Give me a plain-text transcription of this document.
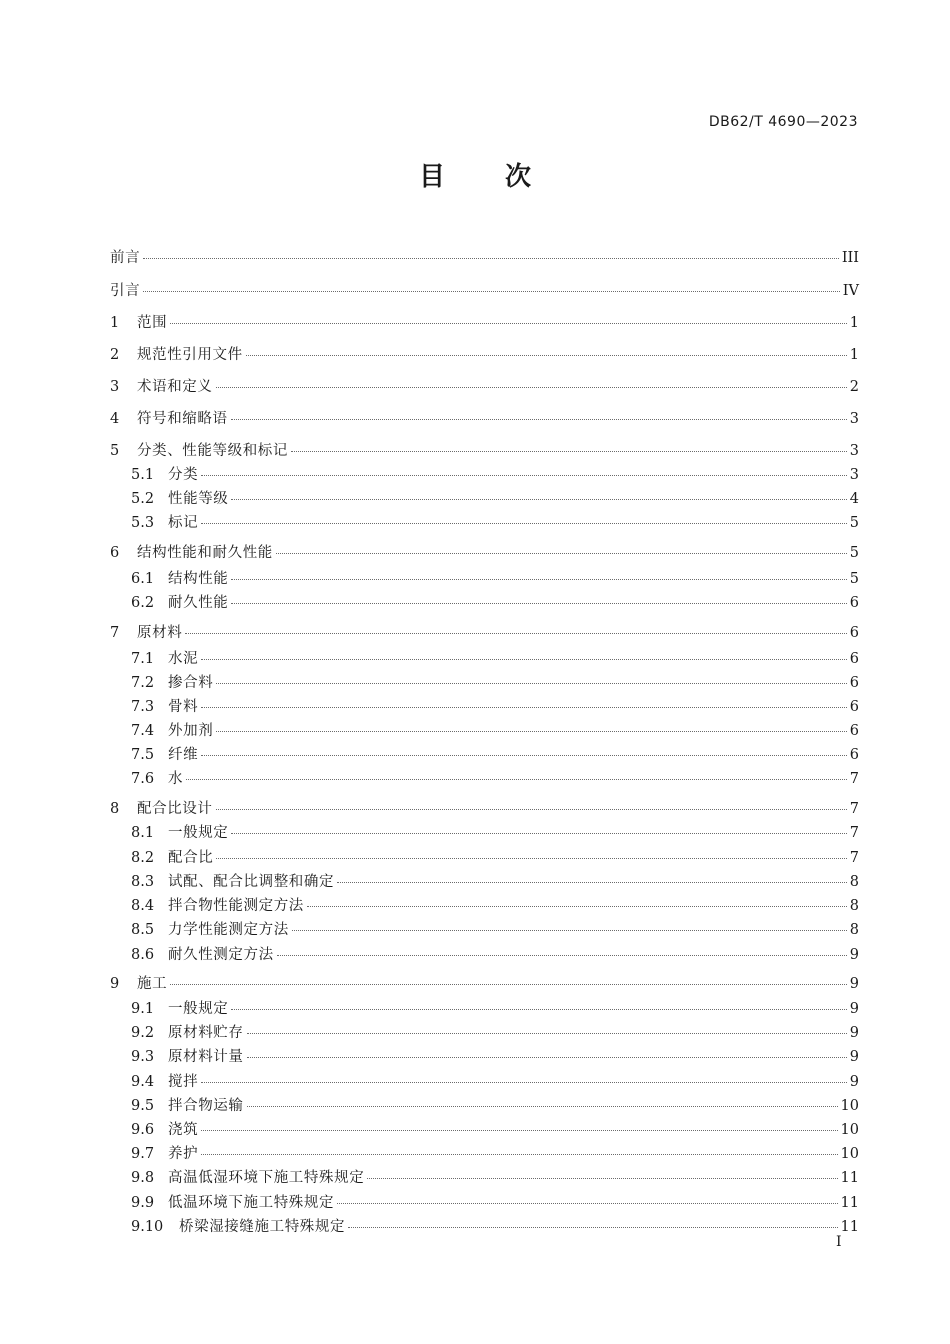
DB62/T 4690—2023
目次
前言	III
引言	IV
1	范围	1
2	规范性引用文件	1
3	术语和定义	2
4	符号和缩略语	3
5	分类、性能等级和标记	3
5.1 分类	3
5.2 性能等级	4
5.3 标记	5
6	结构性能和耐久性能	5
6.1 结构性能	5
6.2 耐久性能	6
7	原材料	6
7.1 水泥	6
7.2 掺合料	6
7.3 骨料	6
7.4 外加剂	6
7.5 纤维	6
7.6 水	7
8	配合比设计	7
8.1 一般规定	7
8.2 配合比	7
8.3 试配、配合比调整和确定	8
8.4 拌合物性能测定方法	8
8.5 力学性能测定方法	8
8.6 耐久性测定方法	9
9	施工	9
9.1 一般规定	9
9.2 原材料贮存	9
9.3 原材料计量	9
9.4 搅拌	9
9.5 拌合物运输	10
9.6 浇筑	10
9.7 养护	10
9.8 高温低湿环境下施工特殊规定	11
9.9 低温环境下施工特殊规定	11
9.10	桥梁湿接缝施工特殊规定	11
I
